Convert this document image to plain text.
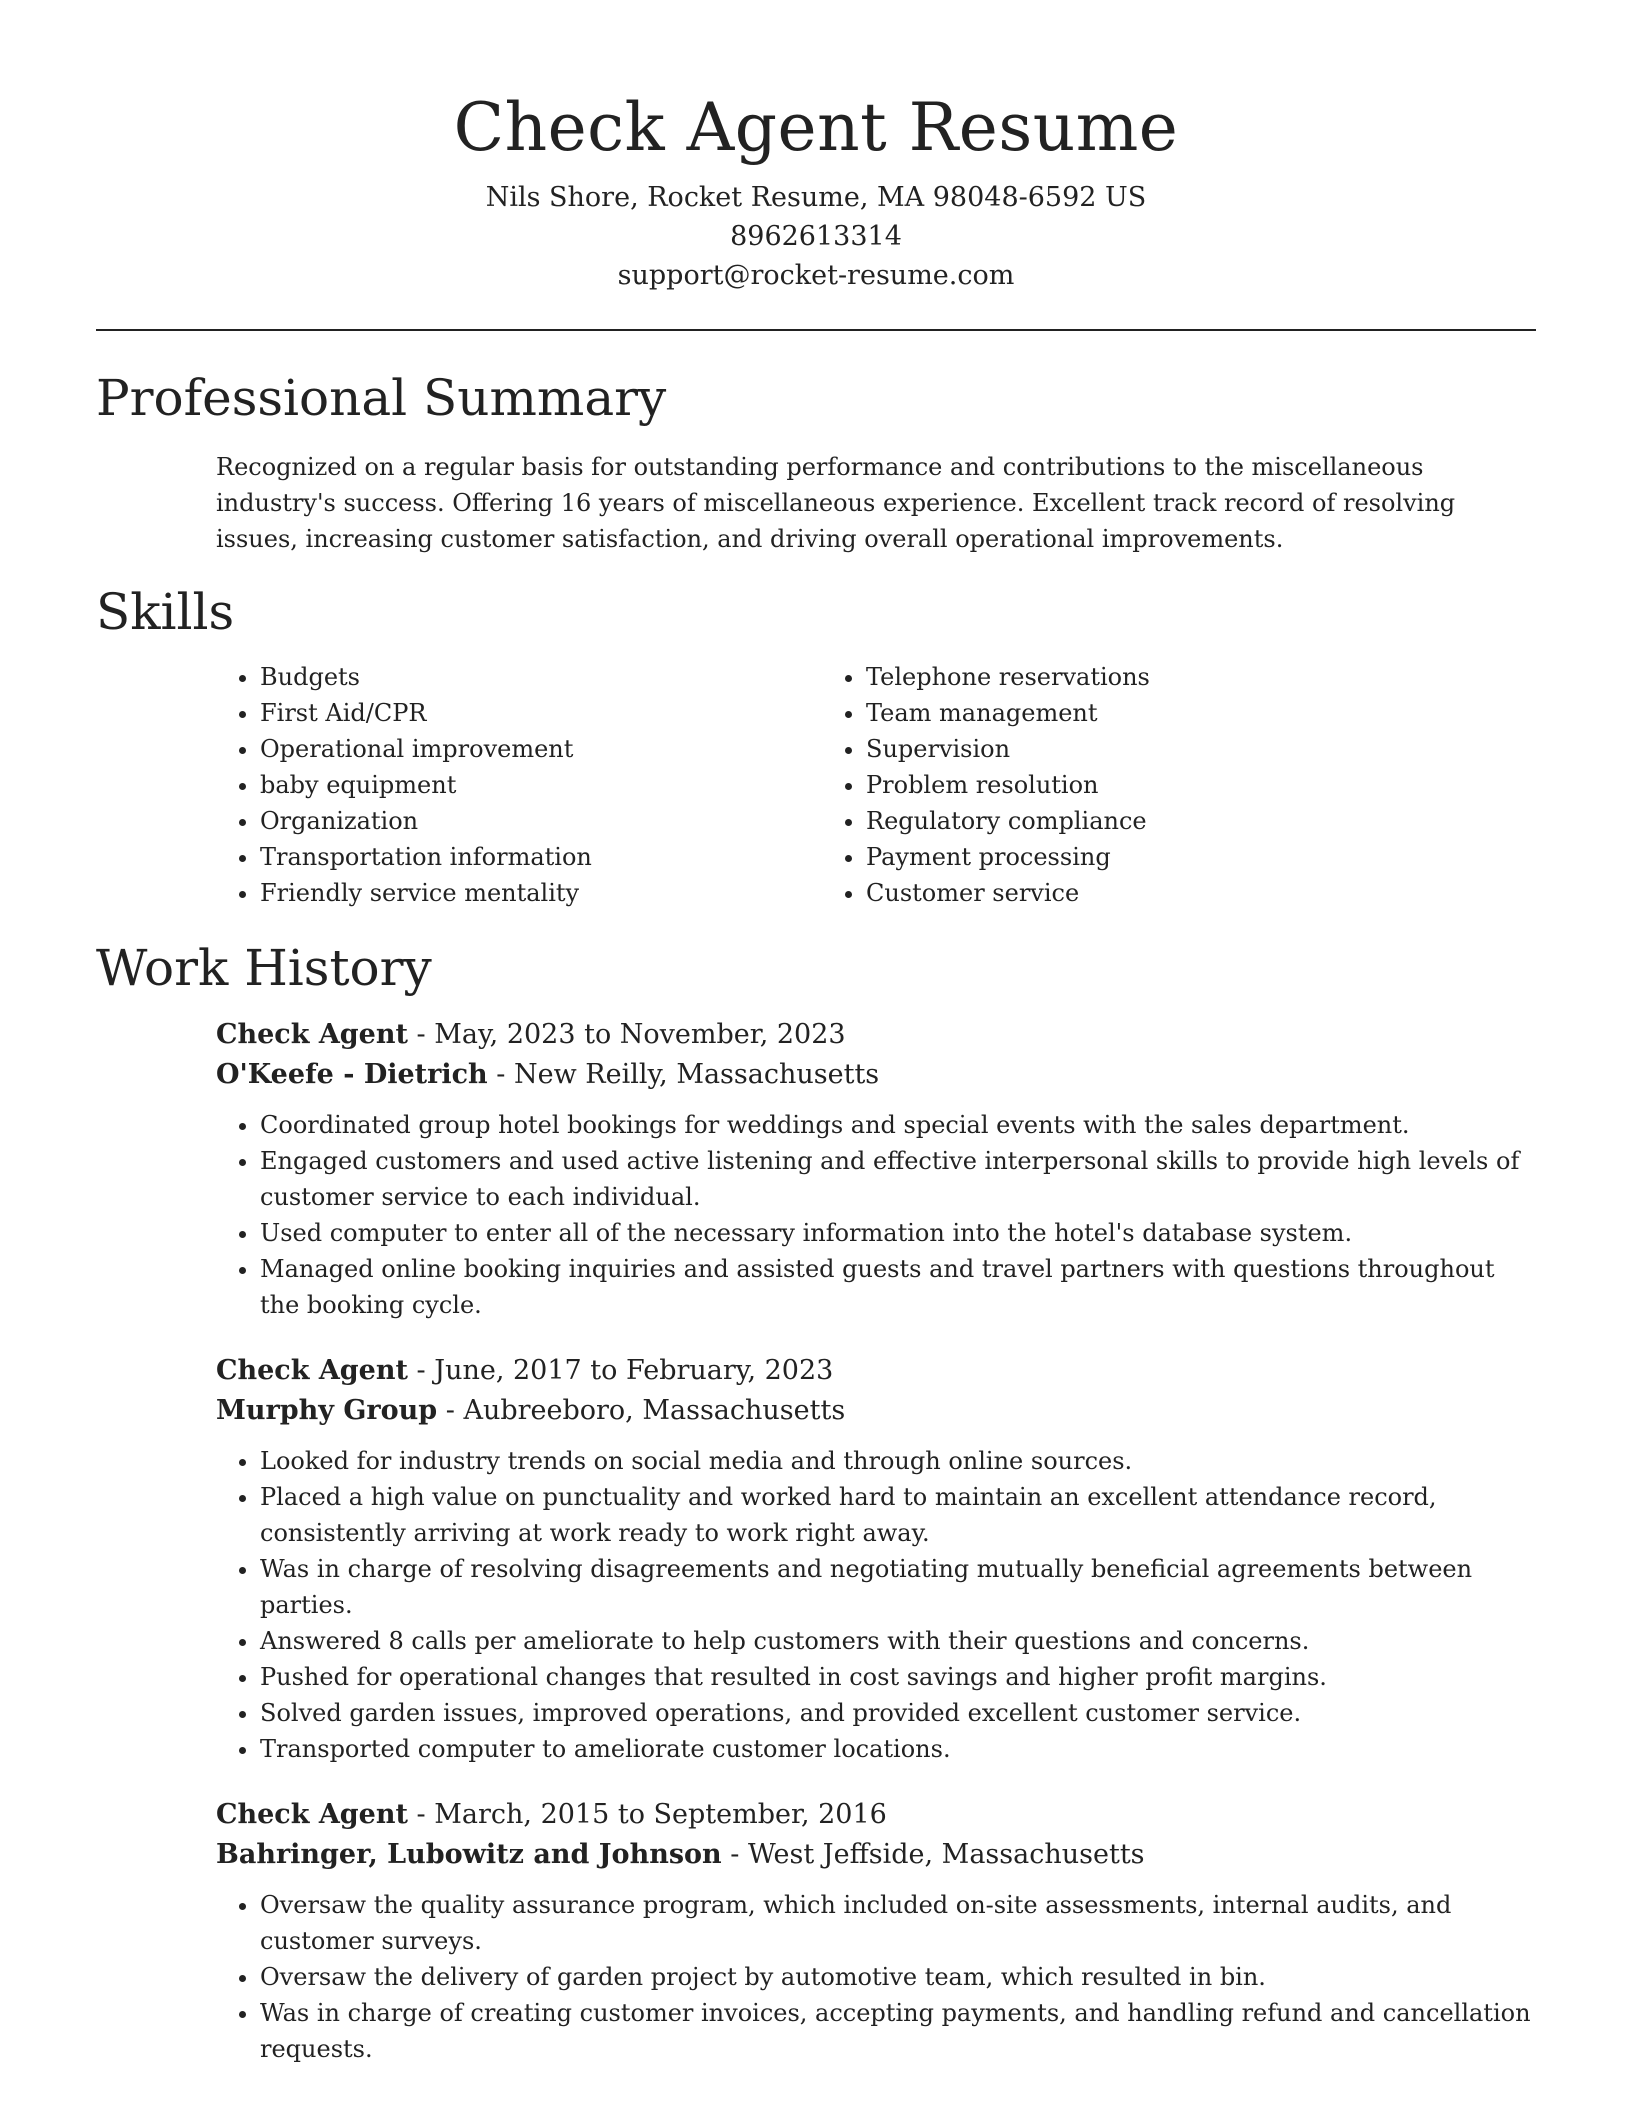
Check Agent Resume

Nils Shore, Rocket Resume, MA 98048-6592 US

8962613314

support@rocket-resume.com

Professional Summary

Recognized on a regular basis for outstanding performance and contributions to the miscellaneous industry's success. Offering 16 years of miscellaneous experience. Excellent track record of resolving issues, increasing customer satisfaction, and driving overall operational improvements.

Skills
• Budgets
• First Aid/CPR
• Operational improvement
• baby equipment
• Organization
• Transportation information
• Friendly service mentality
• Telephone reservations
• Team management
• Supervision
• Problem resolution
• Regulatory compliance
• Payment processing
• Customer service
Work History

Check Agent - May, 2023 to November, 2023

O'Keefe - Dietrich - New Reilly, Massachusetts

• Coordinated group hotel bookings for weddings and special events with the sales department.
• Engaged customers and used active listening and effective interpersonal skills to provide high levels of customer service to each individual.
• Used computer to enter all of the necessary information into the hotel's database system.
• Managed online booking inquiries and assisted guests and travel partners with questions throughout the booking cycle.

Check Agent - June, 2017 to February, 2023

Murphy Group - Aubreeboro, Massachusetts

• Looked for industry trends on social media and through online sources.
• Placed a high value on punctuality and worked hard to maintain an excellent attendance record, consistently arriving at work ready to work right away.
• Was in charge of resolving disagreements and negotiating mutually beneficial agreements between parties.
• Answered 8 calls per ameliorate to help customers with their questions and concerns.
• Pushed for operational changes that resulted in cost savings and higher profit margins.
• Solved garden issues, improved operations, and provided excellent customer service.
• Transported computer to ameliorate customer locations.

Check Agent - March, 2015 to September, 2016

Bahringer, Lubowitz and Johnson - West Jeffside, Massachusetts

• Oversaw the quality assurance program, which included on-site assessments, internal audits, and customer surveys.
• Oversaw the delivery of garden project by automotive team, which resulted in bin.
• Was in charge of creating customer invoices, accepting payments, and handling refund and cancellation requests.
